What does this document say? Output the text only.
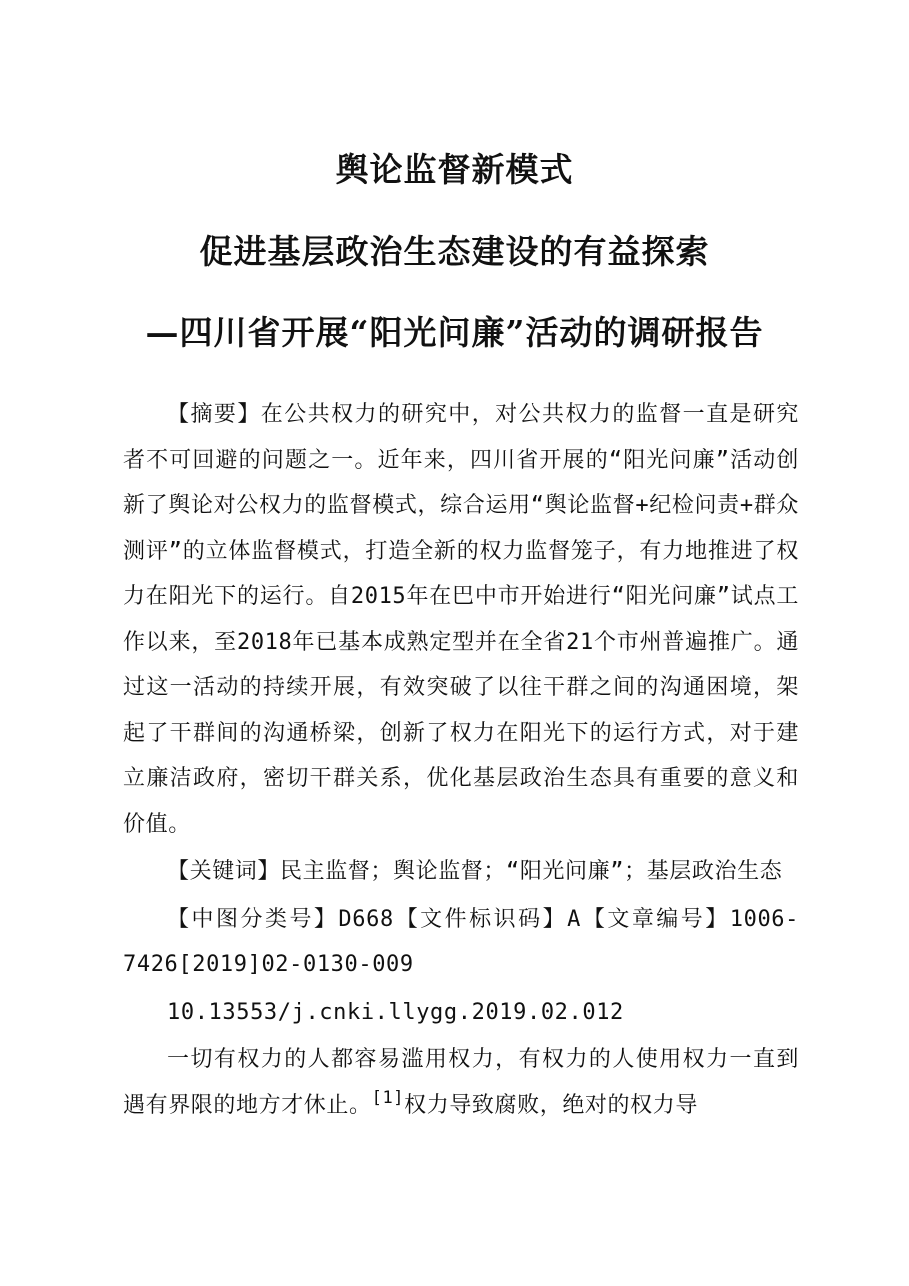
舆论监督新模式
促进基层政治生态建设的有益探索
—四川省开展“阳光问廉”活动的调研报告

【摘要】在公共权力的研究中，对公共权力的监督一直是研究者不可回避的问题之一。近年来，四川省开展的“阳光问廉”活动创新了舆论对公权力的监督模式，综合运用“舆论监督+纪检问责+群众测评”的立体监督模式，打造全新的权力监督笼子，有力地推进了权力在阳光下的运行。自2015年在巴中市开始进行“阳光问廉”试点工作以来，至2018年已基本成熟定型并在全省21个市州普遍推广。通过这一活动的持续开展，有效突破了以往干群之间的沟通困境，架起了干群间的沟通桥梁，创新了权力在阳光下的运行方式，对于建立廉洁政府，密切干群关系，优化基层政治生态具有重要的意义和价值。

【关键词】民主监督；舆论监督；“阳光问廉”；基层政治生态

【中图分类号】D668【文件标识码】A【文章编号】1006-7426[2019]02-0130-009

10.13553/j.cnki.llygg.2019.02.012

一切有权力的人都容易滥用权力，有权力的人使用权力一直到遇有界限的地方才休止。[1]权力导致腐败，绝对的权力导
